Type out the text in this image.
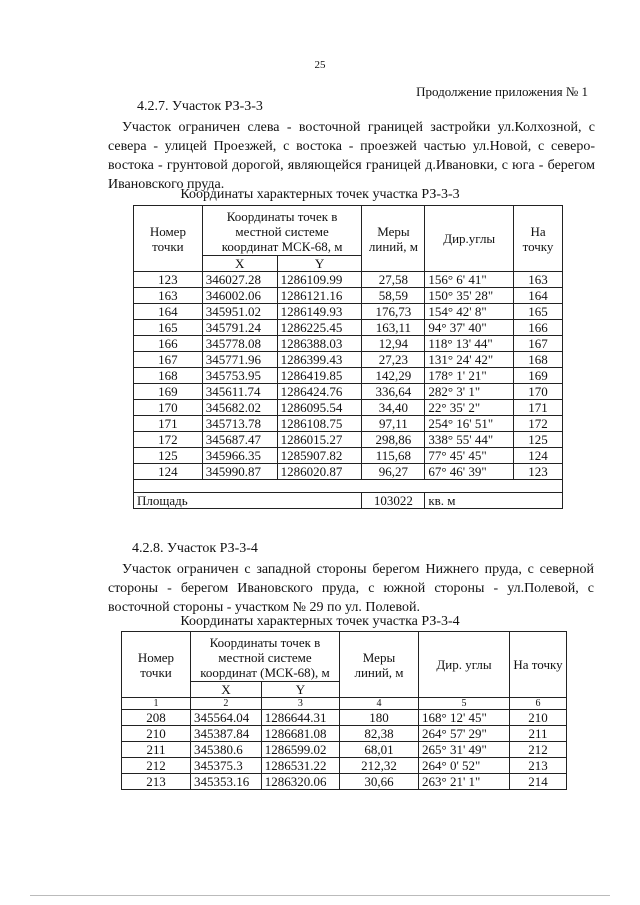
25
Продолжение приложения № 1
4.2.7. Участок РЗ-3-3
Участок ограничен слева - восточной границей застройки ул.Колхозной, с севера - улицей Проезжей, с востока - проезжей частью ул.Новой, с северо-востока - грунтовой дорогой, являющейся границей д.Ивановки, с юга - берегом Ивановского пруда.
Координаты характерных точек участка РЗ-3-3
Номер точки	Координаты точек в местной системе координат МСК-68, м		Меры линий, м	Дир.углы	На точку
	X	Y			
123	346027.28	1286109.99	27,58	156° 6' 41"	163
163	346002.06	1286121.16	58,59	150° 35' 28"	164
164	345951.02	1286149.93	176,73	154° 42' 8"	165
165	345791.24	1286225.45	163,11	94° 37' 40"	166
166	345778.08	1286388.03	12,94	118° 13' 44"	167
167	345771.96	1286399.43	27,23	131° 24' 42"	168
168	345753.95	1286419.85	142,29	178° 1' 21"	169
169	345611.74	1286424.76	336,64	282° 3' 1"	170
170	345682.02	1286095.54	34,40	22° 35' 2"	171
171	345713.78	1286108.75	97,11	254° 16' 51"	172
172	345687.47	1286015.27	298,86	338° 55' 44"	125
125	345966.35	1285907.82	115,68	77° 45' 45"	124
124	345990.87	1286020.87	96,27	67° 46' 39"	123

Площадь			103022	кв. м	
4.2.8. Участок РЗ-3-4
Участок ограничен с западной стороны берегом Нижнего пруда, с северной стороны - берегом Ивановского пруда, с южной стороны - ул.Полевой, с восточной стороны - участком № 29 по ул. Полевой.
Координаты характерных точек участка РЗ-3-4
Номер точки	Координаты точек в местной системе координат (МСК-68), м		Меры линий, м	Дир. углы	На точку
	X	Y			
1	2	3	4	5	6
208	345564.04	1286644.31	180	168° 12' 45"	210
210	345387.84	1286681.08	82,38	264° 57' 29"	211
211	345380.6	1286599.02	68,01	265° 31' 49"	212
212	345375.3	1286531.22	212,32	264° 0' 52"	213
213	345353.16	1286320.06	30,66	263° 21' 1"	214
